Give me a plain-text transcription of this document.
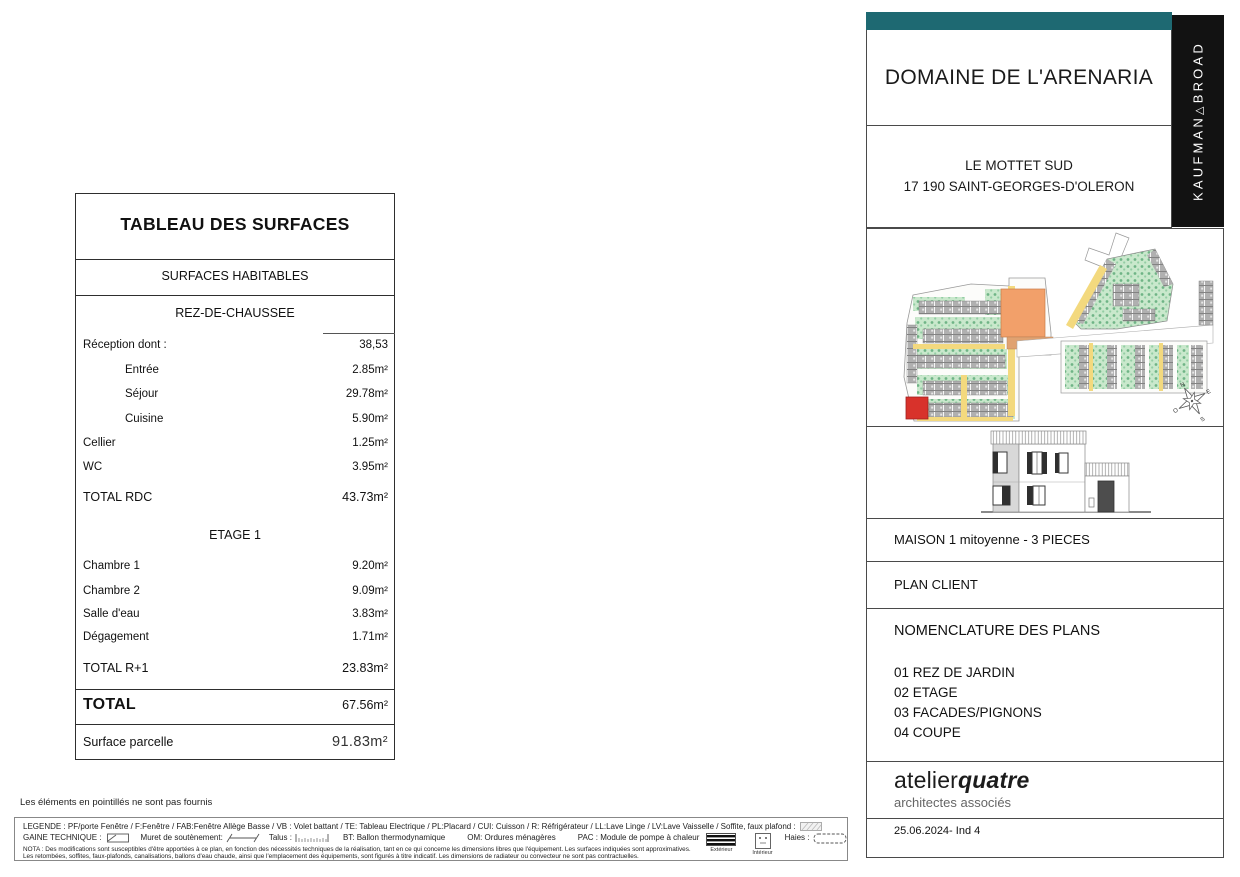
TABLEAU DES SURFACES
SURFACES HABITABLES
REZ-DE-CHAUSSEE
Réception dont :	38,53
Entrée	2.85m²
Séjour	29.78m²
Cuisine	5.90m²
Cellier	1.25m²
WC	3.95m²
TOTAL RDC	43.73m²
ETAGE 1
Chambre 1	9.20m²
Chambre 2	9.09m²
Salle d'eau	3.83m²
Dégagement	1.71m²
TOTAL R+1	23.83m²
TOTAL	67.56m²
Surface parcelle	91.83m²
Les éléments en pointillés ne sont pas fournis
LEGENDE : PF/porte Fenêtre / F:Fenêtre / FAB:Fenêtre Allège Basse / VB : Volet battant / TE: Tableau Electrique / PL:Placard / CUI: Cuisson / R: Réfrigérateur / LL:Lave Linge / LV:Lave Vaisselle / Soffite, faux plafond :
GAINE TECHNIQUE :	Muret de soutènement:	Talus :	BT: Ballon thermodynamique	OM: Ordures ménagères	PAC : Module de pompe à chaleur
Extérieur	Intérieur
Haies :
NOTA : Des modifications sont susceptibles d'être apportées à ce plan, en fonction des nécessités techniques de la réalisation, tant en ce qui concerne les dimensions libres que l'équipement. Les surfaces indiquées sont approximatives.
Les retombées, soffites, faux-plafonds, canalisations, ballons d'eau chaude, ainsi que l'emplacement des équipements, sont figurés à titre indicatif. Les dimensions de radiateur ou convecteur ne sont pas contractuelles.
DOMAINE DE L'ARENARIA
LE MOTTET SUD
17 190 SAINT-GEORGES-D'OLERON	KAUFMAN△BROAD
N
E
S
O
MAISON 1 mitoyenne - 3 PIECES
PLAN CLIENT
NOMENCLATURE DES PLANS
01 REZ DE JARDIN
02 ETAGE
03 FACADES/PIGNONS
04 COUPE
atelierquatre
architectes associés
25.06.2024- Ind 4
